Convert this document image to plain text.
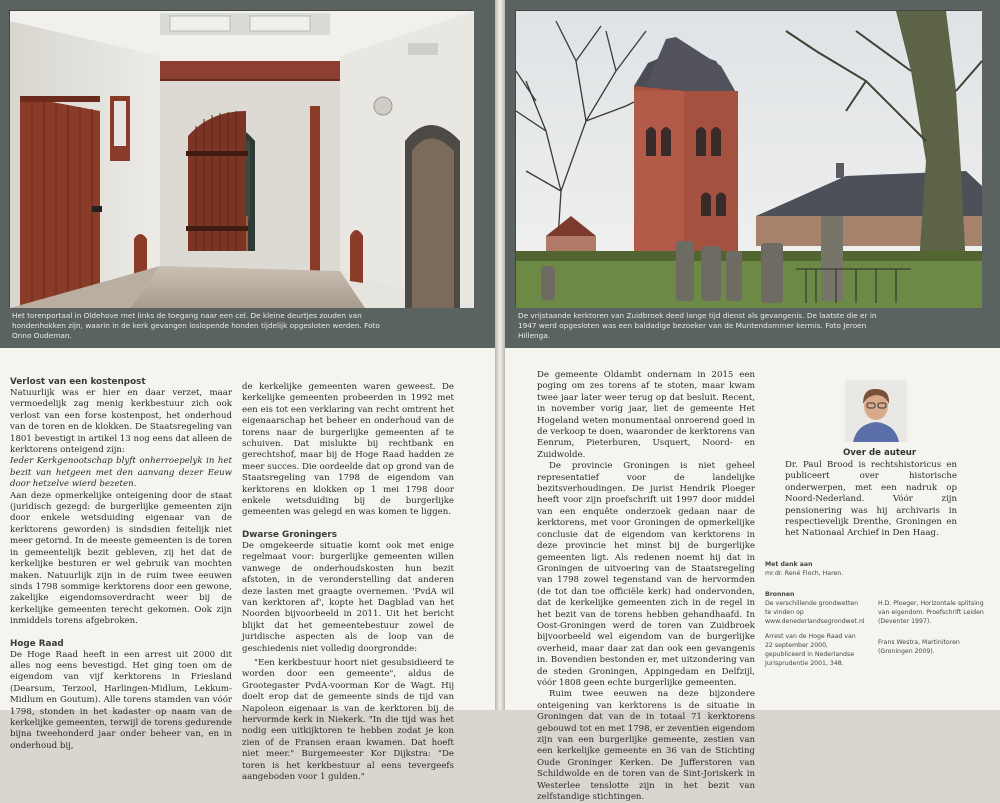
Het torenportaal in Oldehove met links de toegang naar een cel. De kleine deurtjes zouden van hondenhokken zijn, waarin in de kerk gevangen loslopende honden tijdelijk opgesloten werden. Foto Onno Oudeman.
De vrijstaande kerktoren van Zuidbroek deed lange tijd dienst als gevangenis. De laatste die er in 1947 werd opgesloten was een baldadige bezoeker van de Muntendammer kermis. Foto Jeroen Hillenga.
Verlost van een kostenpost

Natuurlijk was er hier en daar verzet, maar vermoedelijk zag menig kerkbestuur zich ook verlost van een forse kostenpost, het onderhoud van de toren en de klokken. De Staatsregeling van 1801 bevestigt in artikel 13 nog eens dat alleen de kerktorens onteigend zijn:

Ieder Kerkgenootschap blyft onherroepelyk in het bezit van hetgeen met den aanvang dezer Eeuw door hetzelve wierd bezeten.

Aan deze opmerkelijke onteigening door de staat (juridisch gezegd: de burgerlijke gemeenten zijn door enkele wetsduiding eigenaar van de kerktorens geworden) is sindsdien feitelijk niet meer getornd. In de meeste gemeenten is de toren in gemeentelijk bezit gebleven, zij het dat de kerkelijke besturen er wel gebruik van mochten maken. Natuurlijk zijn in de ruim twee eeuwen sinds 1798 sommige kerktorens door een gewone, zakelijke eigendomsoverdracht weer bij de kerkelijke gemeenten terecht gekomen. Ook zijn inmiddels torens afgebroken.

Hoge Raad

De Hoge Raad heeft in een arrest uit 2000 dit alles nog eens bevestigd. Het ging toen om de eigendom van vijf kerktorens in Friesland (Dearsum, Terzool, Harlingen-Midlum, Lekkum-Midlum en Goutum). Alle torens stamden van vóór 1798, stonden in het kadaster op naam van de kerkelijke gemeenten, terwijl de torens gedurende bijna tweehonderd jaar onder beheer van, en in onderhoud bij,

de kerkelijke gemeenten waren geweest. De kerkelijke gemeenten probeerden in 1992 met een eis tot een verklaring van recht omtrent het eigenaarschap het beheer en onderhoud van de torens naar de burgerlijke gemeenten af te schuiven. Dat mislukte bij rechtbank en gerechtshof, maar bij de Hoge Raad hadden ze meer succes. Die oordeelde dat op grond van de Staatsregeling van 1798 de eigendom van kerktorens en klokken op 1 mei 1798 door enkele wetsduiding bij de burgerlijke gemeenten was gelegd en was komen te liggen.

Dwarse Groningers

De omgekeerde situatie komt ook met enige regelmaat voor: burgerlijke gemeenten willen vanwege de onderhoudskosten hun bezit afstoten, in de veronderstelling dat anderen deze lasten met graagte overnemen. 'PvdA wil van kerktoren af', kopte het Dagblad van het Noorden bijvoorbeeld in 2011. Uit het bericht blijkt dat het gemeentebestuur zowel de juridische aspecten als de loop van de geschiedenis niet volledig doorgrondde:

"Een kerkbestuur hoort niet gesubsidieerd te worden door een gemeente", aldus de Grootegaster PvdA-voorman Kor de Wagt. Hij doelt erop dat de gemeente sinds de tijd van Napoleon eigenaar is van de kerktoren bij de hervormde kerk in Niekerk. "In die tijd was het nodig een uitkijktoren te hebben zodat je kon zien of de Fransen eraan kwamen. Dat hoeft niet meer." Burgemeester Kor Dijkstra: "De toren is het kerkbestuur al eens tevergeefs aangeboden voor 1 gulden."

De gemeente Oldambt ondernam in 2015 een poging om zes torens af te stoten, maar kwam twee jaar later weer terug op dat besluit. Recent, in november vorig jaar, liet de gemeente Het Hogeland weten monumentaal onroerend goed in de verkoop te doen, waaronder de kerktorens van Eenrum, Pieterburen, Usquert, Noord- en Zuidwolde.

De provincie Groningen is niet geheel representatief voor de landelijke bezitsverhoudingen. De jurist Hendrik Ploeger heeft voor zijn proefschrift uit 1997 door middel van een enquête onderzoek gedaan naar de kerktorens, met voor Groningen de opmerkelijke conclusie dat de eigendom van kerktorens in deze provincie het minst bij de burgerlijke gemeenten ligt. Als redenen noemt hij dat in Groningen de uitvoering van de Staatsregeling van 1798 zowel tegenstand van de hervormden (de tot dan toe officiële kerk) had ondervonden, dat de kerkelijke gemeenten zich in de regel in het bezit van de torens hebben gehandhaafd. In Oost-Groningen werd de toren van Zuidbroek bijvoorbeeld wel eigendom van de burgerlijke overheid, maar daar zat dan ook een gevangenis in. Bovendien bestonden er, met uitzondering van de steden Groningen, Appingedam en Delfzijl, vóór 1808 geen echte burgerlijke gemeenten.

Ruim twee eeuwen na deze bijzondere onteigening van kerktorens is de situatie in Groningen dat van de in totaal 71 kerktorens gebouwd tot en met 1798, er zeventien eigendom zijn van een burgerlijke gemeente, zestien van een kerkelijke gemeente en 36 van de Stichting Oude Groninger Kerken. De Jufferstoren van Schildwolde en de toren van de Sint-Joriskerk in Westerlee tenslotte zijn in het bezit van zelfstandige stichtingen.

Over de auteur
Dr. Paul Brood is rechtshistoricus en publiceert over historische onderwerpen, met een nadruk op Noord-Nederland. Vóór zijn pensionering was hij archivaris in respectievelijk Drenthe, Groningen en het Nationaal Archief in Den Haag.
Met dank aan
mr.dr. René Floch, Haren.
Bronnen
De verschillende grondwetten te vinden op www.denederlandsegrondwet.nl
Arrest van de Hoge Raad van 22 september 2000, gepubliceerd in Nederlandse Jurisprudentie 2001, 348.
H.D. Ploeger, Horizontale splitsing van eigendom. Proefschrift Leiden (Deventer 1997).
Frans Westra, Martinitoren (Groningen 2009).
